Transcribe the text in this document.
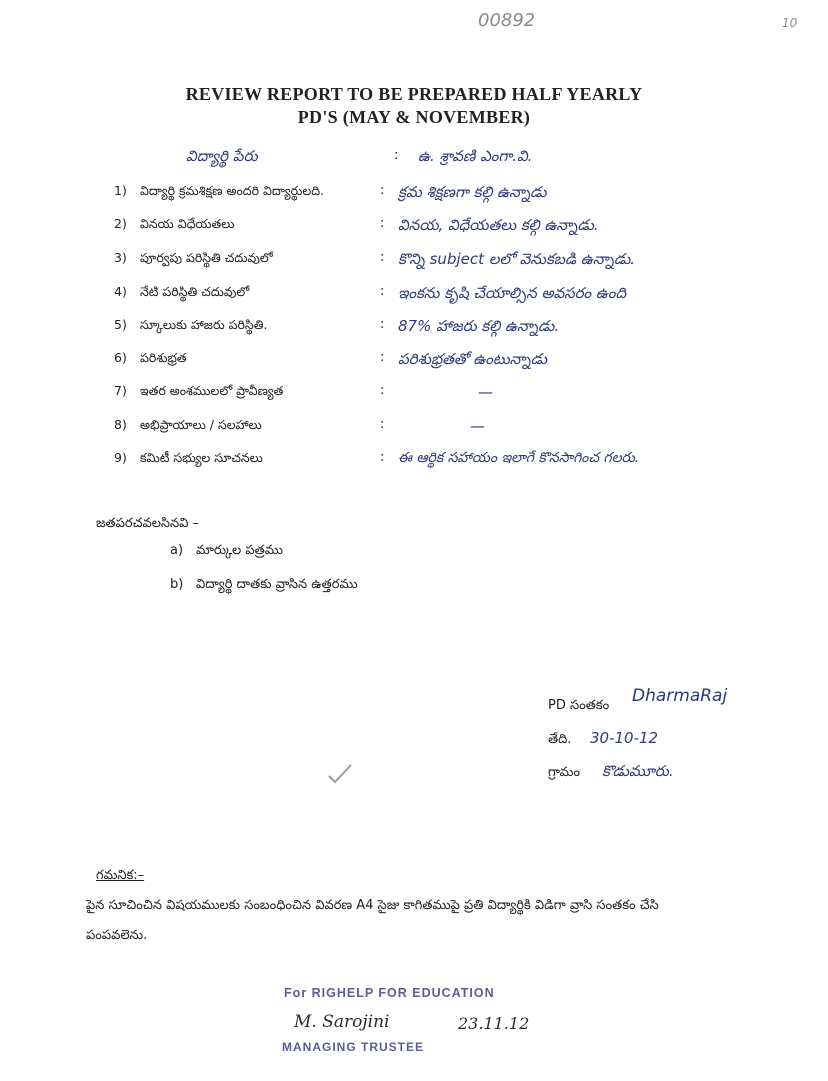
00892	10
REVIEW REPORT TO BE PREPARED HALF YEARLY
PD'S (MAY & NOVEMBER)
విద్యార్థి పేరు	: ఉ. శ్రావణి ఎంగా.వి.
1)	విద్యార్థి క్రమశిక్షణ అందరి విద్యార్థులది.	: క్రమ శిక్షణగా కల్గి ఉన్నాడు
2)	వినయ విధేయతలు	: వినయ, విధేయతలు కల్గి ఉన్నాడు.
3)	పూర్వపు పరిస్థితి చదువులో	: కొన్ని subject లలో వెనుకబడి ఉన్నాడు.
4)	నేటి పరిస్థితి చదువులో	: ఇంకను కృషి చేయాల్సిన అవసరం ఉంది
5)	స్కూలుకు హాజరు పరిస్థితి.	: 87% హాజరు కల్గి ఉన్నాడు.
6)	పరిశుభ్రత	: పరిశుభ్రతతో ఉంటున్నాడు
7)	ఇతర అంశములలో ప్రావీణ్యత	:	—
8)	అభిప్రాయాలు / సలహాలు	:	—
9)	కమిటీ సభ్యుల సూచనలు	: ఈ ఆర్థిక సహాయం ఇలాగే కొనసాగించ గలరు.
జతపరచవలసినవి –
a) మార్కుల పత్రము
b) విద్యార్థి దాతకు వ్రాసిన ఉత్తరము
PD సంతకం DharmaRaj
తేది. 30-10-12
గ్రామం కొడుమూరు.
గమనిక:–
పైన సూచించిన విషయములకు సంబంధించిన వివరణ A4 సైజు కాగితముపై ప్రతి విద్యార్థికి విడిగా వ్రాసి సంతకం చేసి
పంపవలెను.
For RIGHELP FOR EDUCATION
M. Sarojini	23.11.12
MANAGING TRUSTEE
